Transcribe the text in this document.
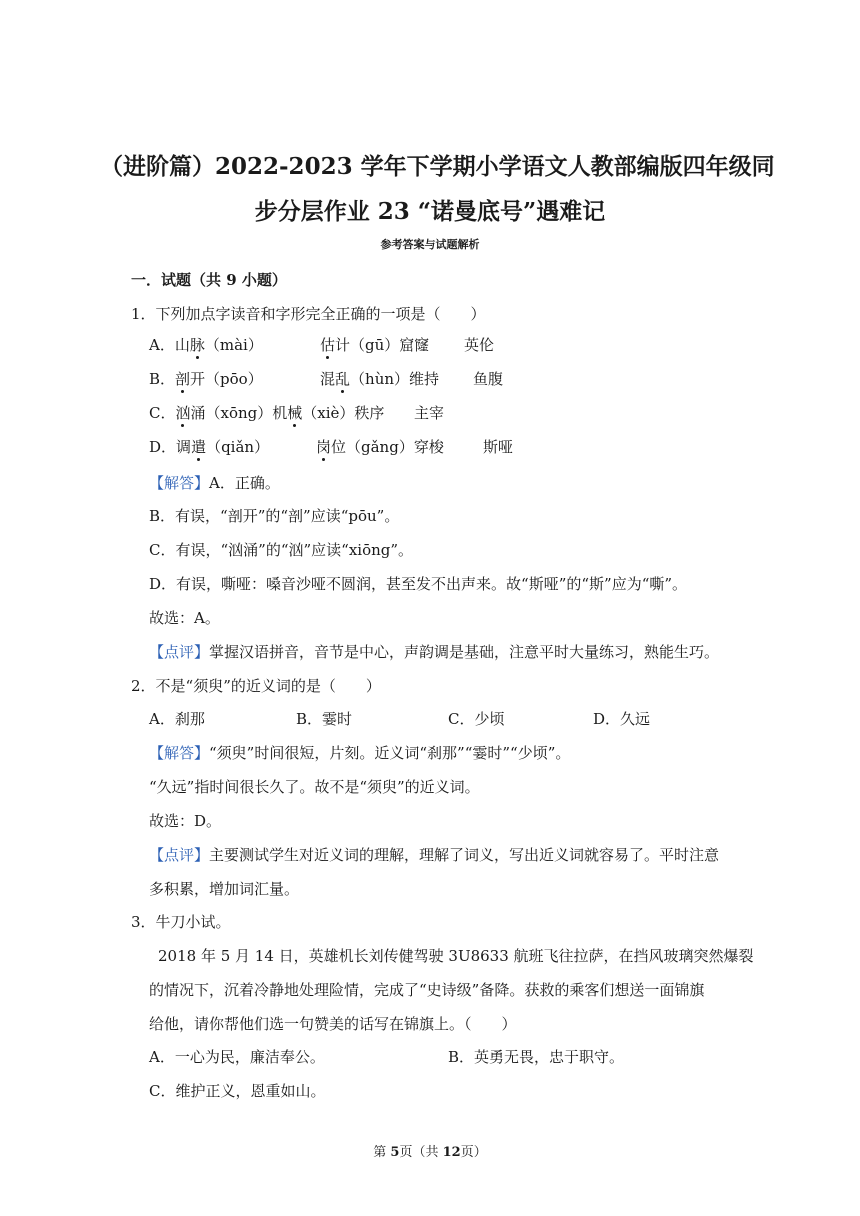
（进阶篇）2022-2023 学年下学期小学语文人教部编版四年级同
步分层作业 23 “诺曼底号”遇难记
参考答案与试题解析
一．试题（共 9 小题）
1．下列加点字读音和字形完全正确的一项是（　　）
A．山脉（mài）	估计（gū）窟窿 英伦
B．剖开（pōo）	混乱（hùn）维持 鱼腹
C．汹涌（xōng）机械（xiè）秩序 主宰
D．调遣（qiǎn）	岗位（gǎng）穿梭	斯哑
【解答】A．正确。
B．有误，“剖开”的“剖”应读“pōu”。
C．有误，“汹涌”的“汹”应读“xiōng”。
D．有误，嘶哑：嗓音沙哑不圆润，甚至发不出声来。故“斯哑”的“斯”应为“嘶”。
故选：A。
【点评】掌握汉语拼音，音节是中心，声韵调是基础，注意平时大量练习，熟能生巧。
2．不是“须臾”的近义词的是（　　）
A．刹那	B．霎时	C．少顷	D．久远
【解答】“须臾”时间很短，片刻。近义词“刹那”“霎时”“少顷”。
“久远”指时间很长久了。故不是“须臾”的近义词。
故选：D。
【点评】主要测试学生对近义词的理解，理解了词义，写出近义词就容易了。平时注意
多积累，增加词汇量。
3．牛刀小试。
2018 年 5 月 14 日，英雄机长刘传健驾驶 3U8633 航班飞往拉萨，在挡风玻璃突然爆裂
的情况下，沉着冷静地处理险情，完成了“史诗级”备降。获救的乘客们想送一面锦旗
给他，请你帮他们选一句赞美的话写在锦旗上。（　　）
A．一心为民，廉洁奉公。	B．英勇无畏，忠于职守。
C．维护正义，恩重如山。
第 5页（共 12页）
